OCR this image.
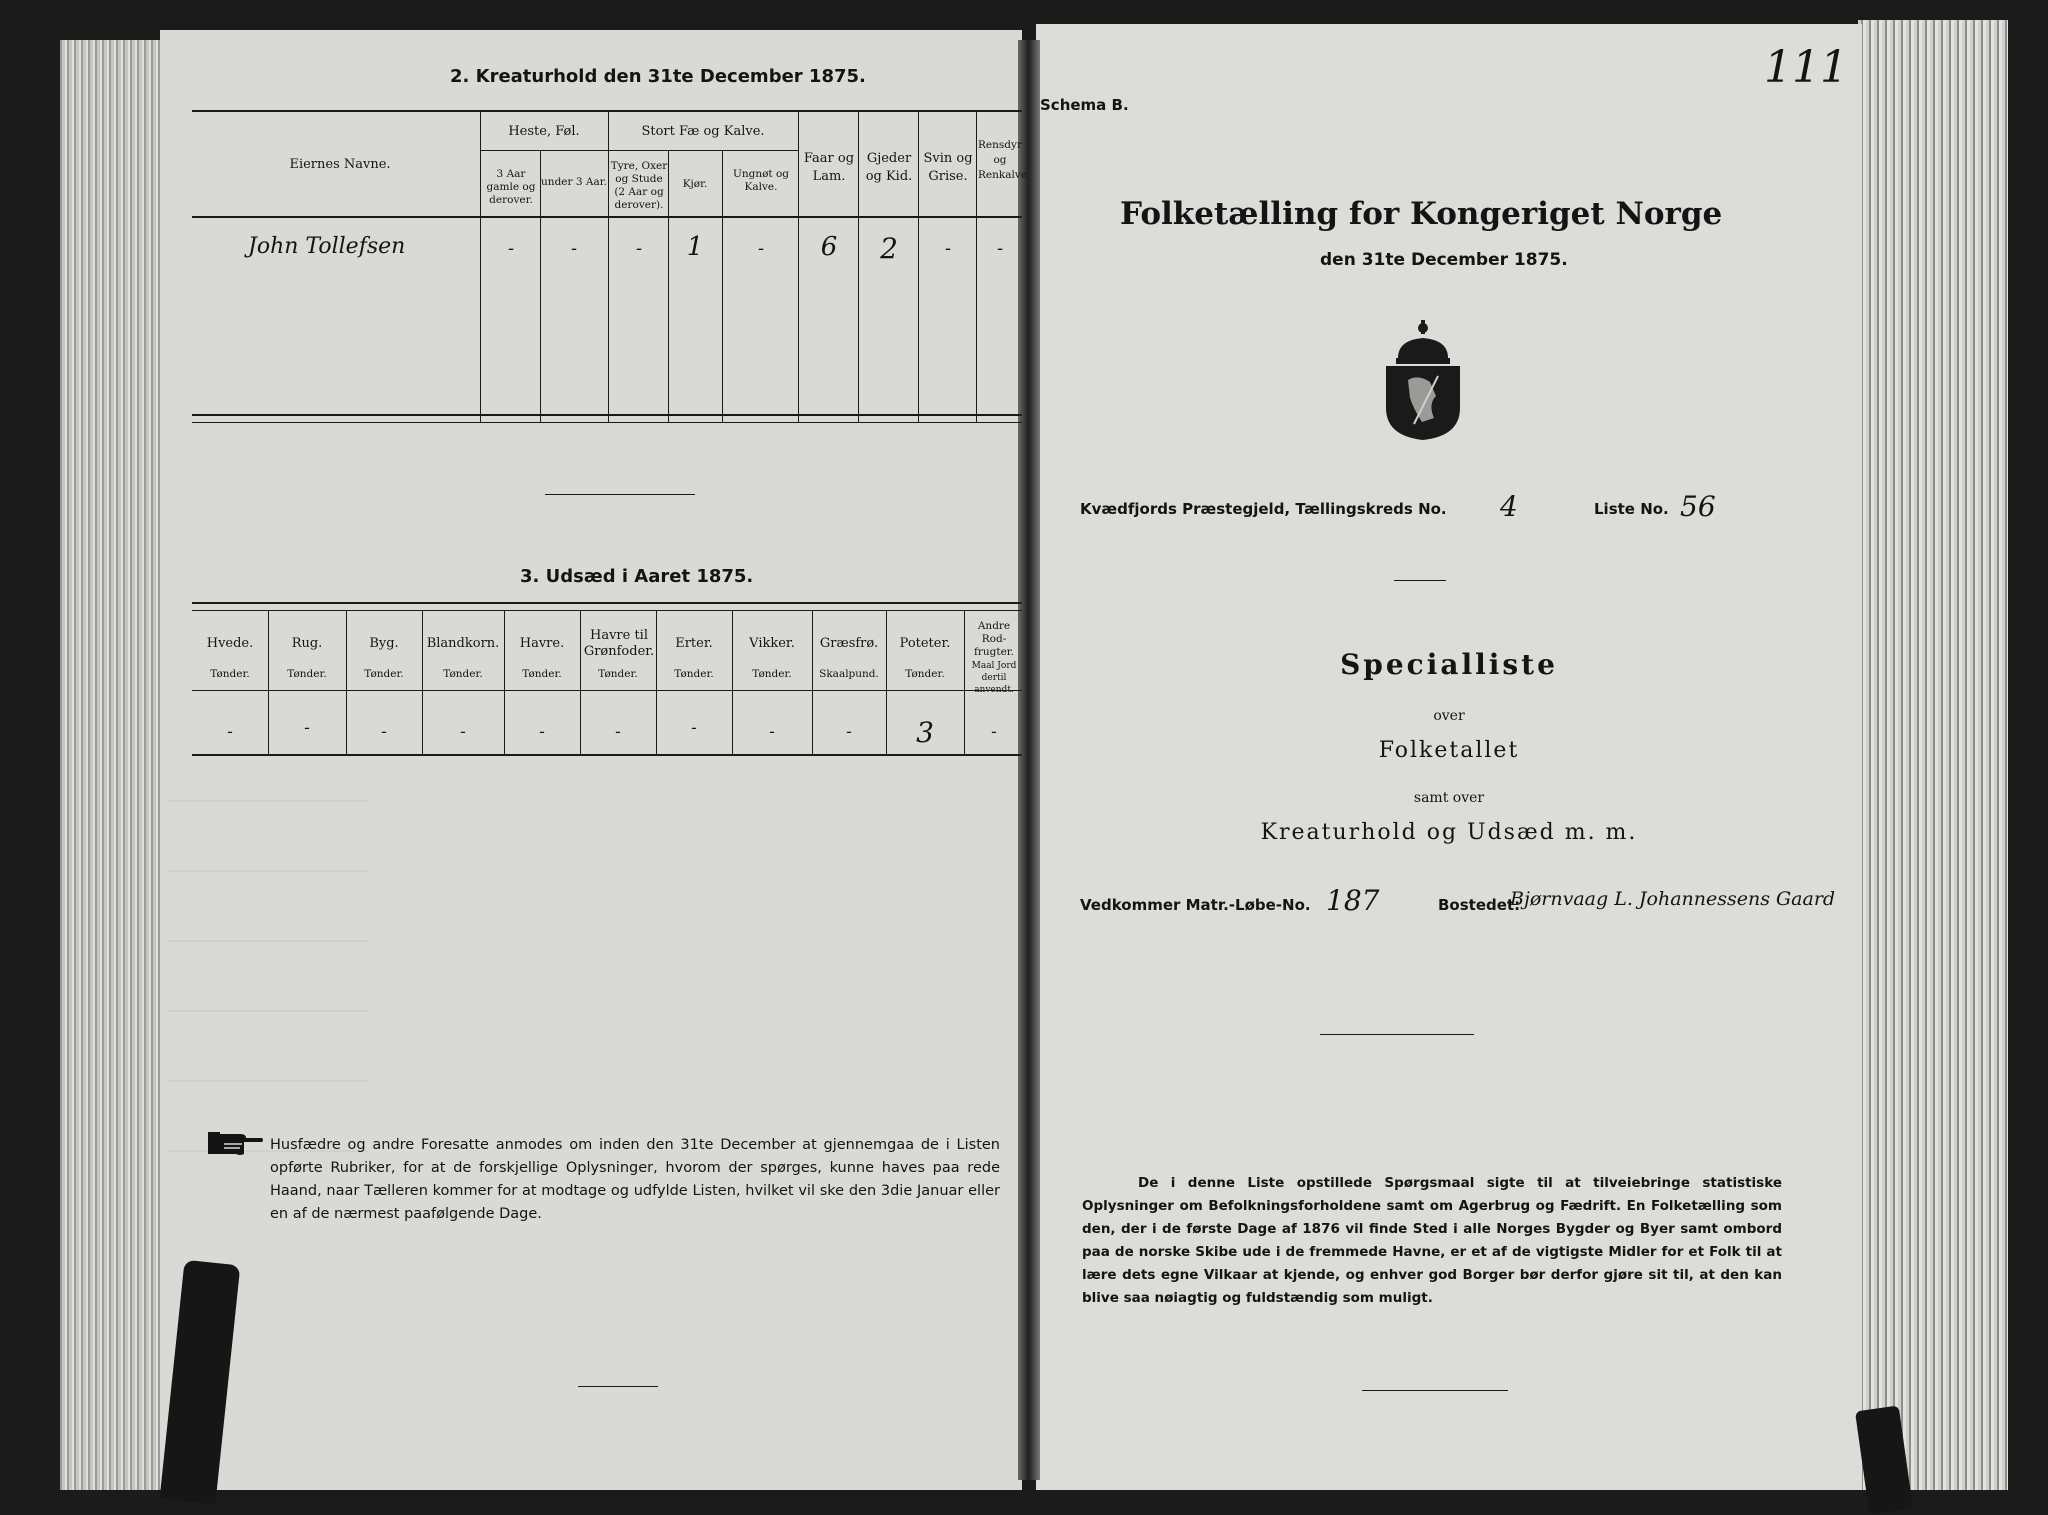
2. Kreaturhold den 31te December 1875.
Eiernes Navne.
Heste, Føl.
3 Aar gamle og derover.
under 3 Aar.
Stort Fæ og Kalve.
Tyre, Oxer og Stude (2 Aar og derover).
Kjør.
Ungnøt og Kalve.
Faar og Lam.
Gjeder og Kid.
Svin og Grise.
Rensdyr og Renkalve
John Tollefsen	-	-	-	1	-	6	2	-	-
3. Udsæd i Aaret 1875.
Hvede.
Tønder.
Rug.
Tønder.
Byg.
Tønder.
Blandkorn.
Tønder.
Havre.
Tønder.
Havre til Grønfoder.
Tønder.
Erter.
Tønder.
Vikker.
Tønder.
Græsfrø.
Skaalpund.
Poteter.
Tønder.
Andre Rod-frugter.
Maal Jord dertil anvendt.
-	-	-	-	-	-	-	-	-	3	-
Husfædre og andre Foresatte anmodes om inden den 31te December at gjennemgaa de i Listen opførte Rubriker, for at de forskjellige Oplysninger, hvorom der spørges, kunne haves paa rede Haand, naar Tælleren kommer for at modtage og udfylde Listen, hvilket vil ske den 3die Januar eller en af de nærmest paafølgende Dage.
Schema B.
111
Folketælling for Kongeriget Norge
den 31te December 1875.
Kvædfjords Præstegjeld, Tællingskreds No. 4	Liste No. 56
Specialliste
over
Folketallet
samt over
Kreaturhold og Udsæd m. m.
Vedkommer Matr.-Løbe-No. 187	Bostedet:
Bjørnvaag L. Johannessens Gaard
De i denne Liste opstillede Spørgsmaal sigte til at tilveiebringe statistiske Oplysninger om Befolkningsforholdene samt om Agerbrug og Fædrift. En Folketælling som den, der i de første Dage af 1876 vil finde Sted i alle Norges Bygder og Byer samt ombord paa de norske Skibe ude i de fremmede Havne, er et af de vigtigste Midler for et Folk til at lære dets egne Vilkaar at kjende, og enhver god Borger bør derfor gjøre sit til, at den kan blive saa nøiagtig og fuldstændig som muligt.
